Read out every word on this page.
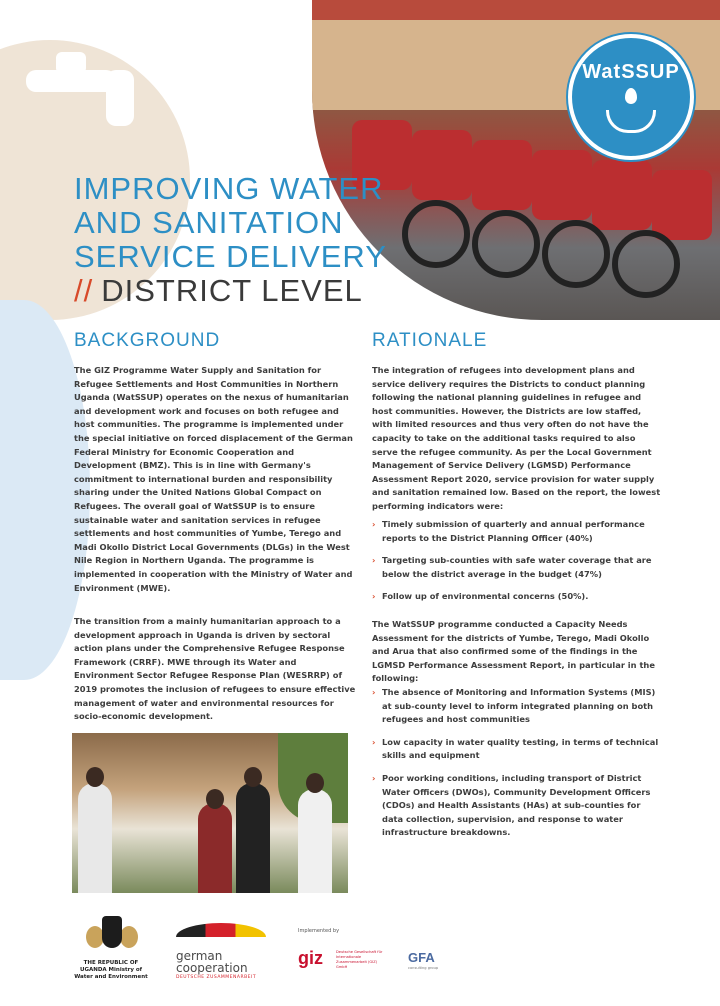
WatSSUP
IMPROVING WATER
AND SANITATION
SERVICE DELIVERY
// DISTRICT LEVEL
BACKGROUND
The GIZ Programme Water Supply and Sanitation for Refugee Settlements and Host Communities in Northern Uganda (WatSSUP) operates on the nexus of humanitarian and development work and focuses on both refugee and host communities. The programme is implemented under the special initiative on forced displacement of the German Federal Ministry for Economic Cooperation and Development (BMZ). This is in line with Germany's commitment to international burden and responsibility sharing under the United Nations Global Compact on Refugees. The overall goal of WatSSUP is to ensure sustainable water and sanitation services in refugee settlements and host communities of Yumbe, Terego and Madi Okollo District Local Governments (DLGs) in the West Nile Region in Northern Uganda. The programme is implemented in cooperation with the Ministry of Water and Environment (MWE).
The transition from a mainly humanitarian approach to a development approach in Uganda is driven by sectoral action plans under the Comprehensive Refugee Response Framework (CRRF). MWE through its Water and Environment Sector Refugee Response Plan (WESRRP) of 2019 promotes the inclusion of refugees to ensure effective management of water and environmental resources for socio-economic development.
RATIONALE
The integration of refugees into development plans and service delivery requires the Districts to conduct planning following the national planning guidelines in refugee and host communities. However, the Districts are low staffed, with limited resources and thus very often do not have the capacity to take on the additional tasks required to also serve the refugee community. As per the Local Government Management of Service Delivery (LGMSD) Performance Assessment Report 2020, service provision for water supply and sanitation remained low. Based on the report, the lowest performing indicators were:
› Timely submission of quarterly and annual performance reports to the District Planning Officer (40%)
› Targeting sub-counties with safe water coverage that are below the district average in the budget (47%)
› Follow up of environmental concerns (50%).
The WatSSUP programme conducted a Capacity Needs Assessment for the districts of Yumbe, Terego, Madi Okollo and Arua that also confirmed some of the findings in the LGMSD Performance Assessment Report, in particular in the following:
› The absence of Monitoring and Information Systems (MIS) at sub-county level to inform integrated planning on both refugees and host communities
› Low capacity in water quality testing, in terms of technical skills and equipment
› Poor working conditions, including transport of District Water Officers (DWOs), Community Development Officers (CDOs) and Health Assistants (HAs) at sub-counties for data collection, supervision, and response to water infrastructure breakdowns.
THE REPUBLIC OF UGANDA Ministry of Water and Environment
german
cooperation
DEUTSCHE ZUSAMMENARBEIT
Implemented by
giz	Deutsche Gesellschaft für Internationale Zusammenarbeit (GIZ) GmbH
GFA
consulting group
